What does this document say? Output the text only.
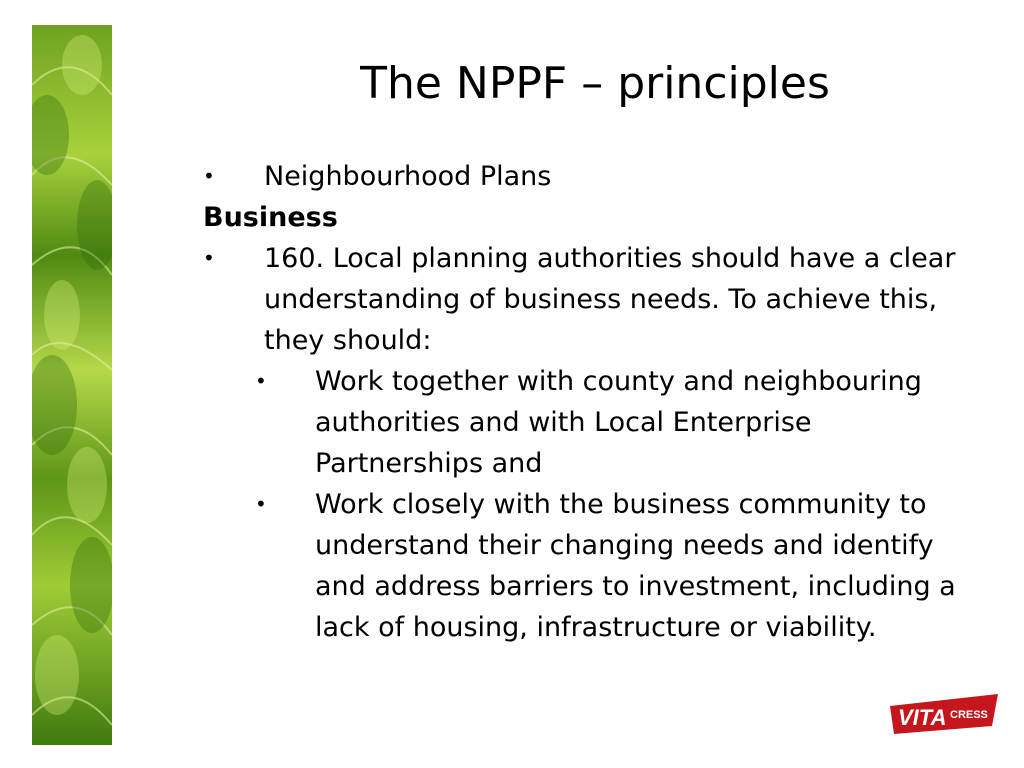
The NPPF – principles
• Neighbourhood Plans
Business
• 160. Local planning authorities should have a clear understanding of business needs. To achieve this, they should:
• Work together with county and neighbouring authorities and with Local Enterprise Partnerships and
• Work closely with the business community to understand their changing needs and identify and address barriers to investment, including a lack of housing, infrastructure or viability.
VITA CRESS
